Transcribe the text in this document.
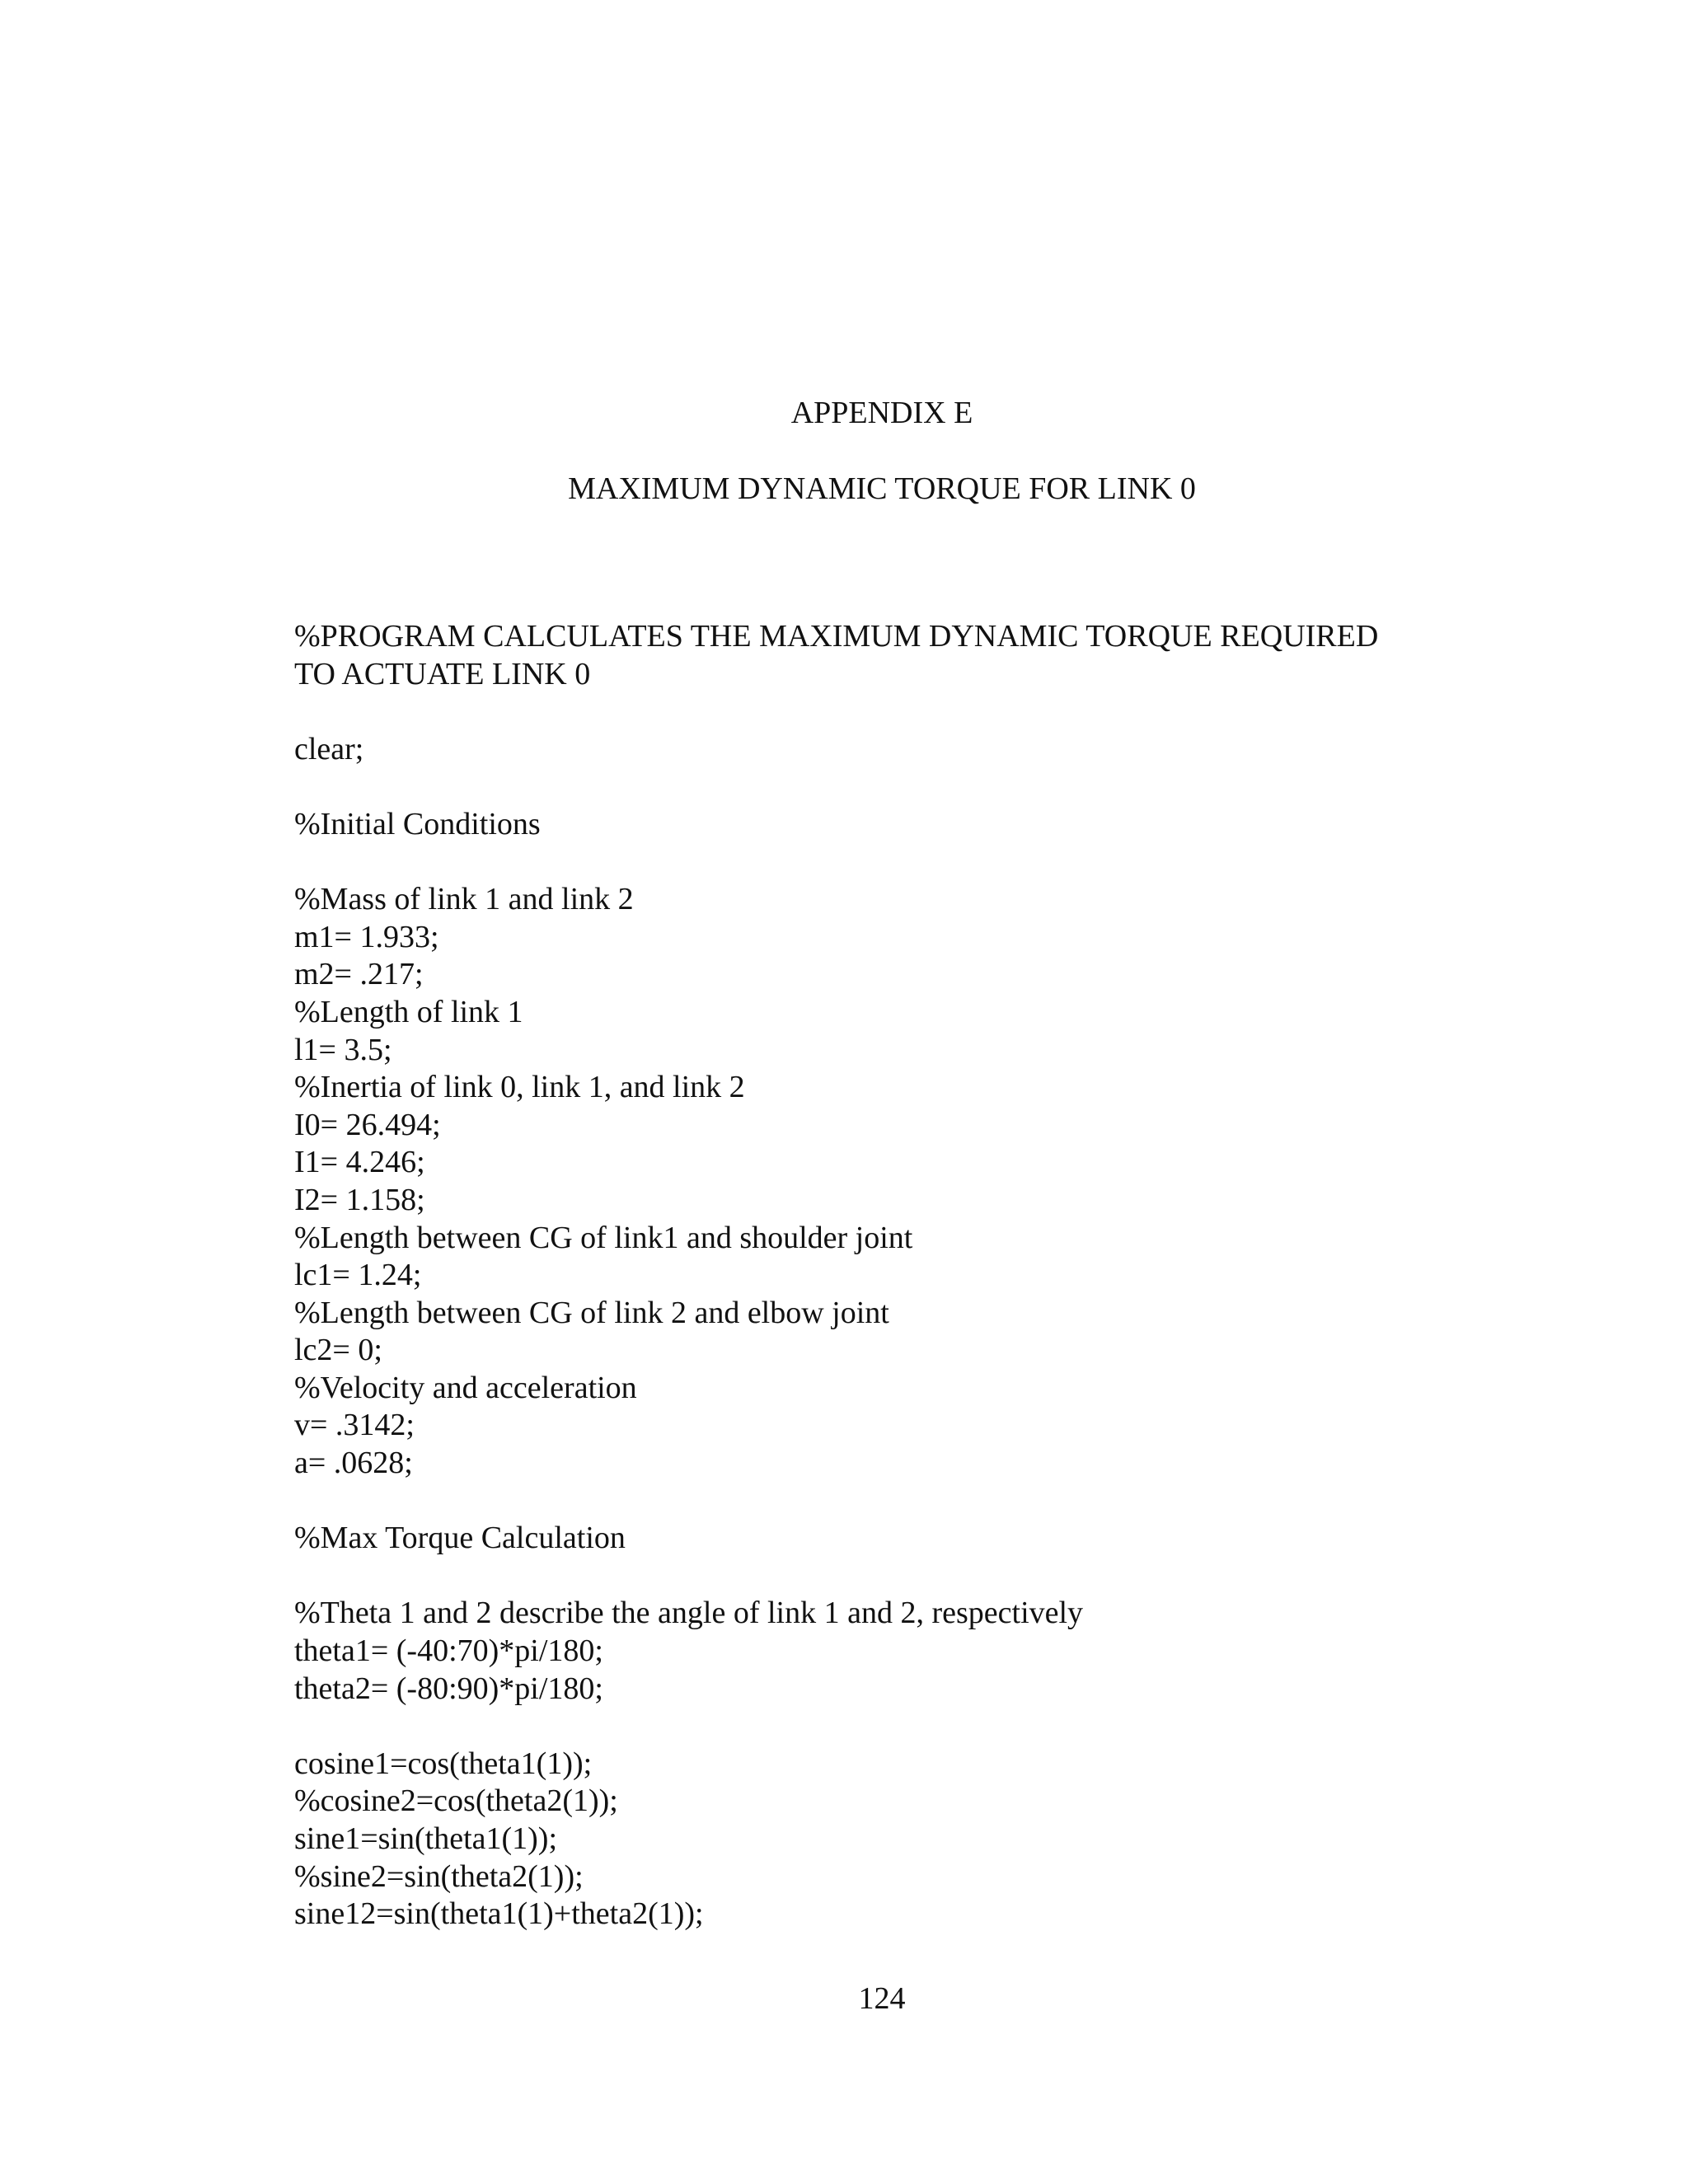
APPENDIX E
MAXIMUM DYNAMIC TORQUE FOR LINK 0
%PROGRAM CALCULATES THE MAXIMUM DYNAMIC TORQUE REQUIRED
TO ACTUATE LINK 0
clear;
%Initial Conditions
%Mass of link 1 and link 2
m1= 1.933;
m2= .217;
%Length of link 1
l1= 3.5;
%Inertia of link 0, link 1, and link 2
I0= 26.494;
I1= 4.246;
I2= 1.158;
%Length between CG of link1 and shoulder joint
lc1= 1.24;
%Length between CG of link 2 and elbow joint
lc2= 0;
%Velocity and acceleration
v= .3142;
a= .0628;
%Max Torque Calculation
%Theta 1 and 2 describe the angle of link 1 and 2, respectively
theta1= (-40:70)*pi/180;
theta2= (-80:90)*pi/180;
cosine1=cos(theta1(1));
%cosine2=cos(theta2(1));
sine1=sin(theta1(1));
%sine2=sin(theta2(1));
sine12=sin(theta1(1)+theta2(1));
124
